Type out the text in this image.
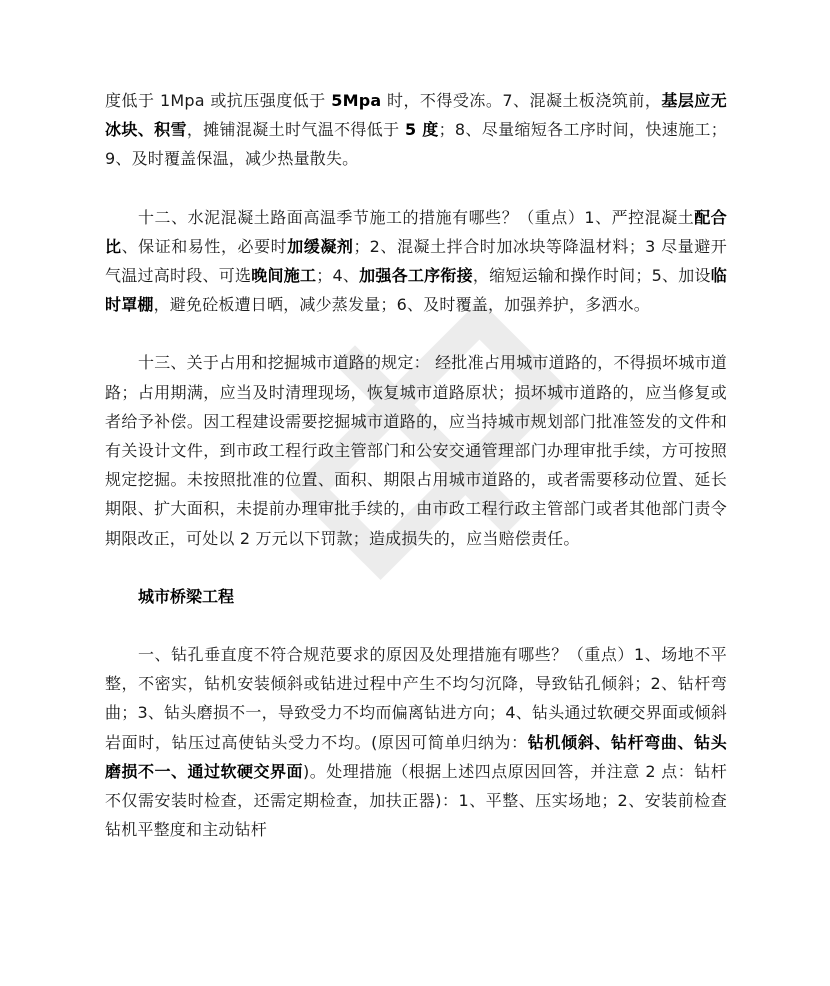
度低于 1Mpa 或抗压强度低于 5Mpa 时，不得受冻。7、混凝土板浇筑前，基层应无冰块、积雪，摊铺混凝土时气温不得低于 5 度；8、尽量缩短各工序时间，快速施工；9、及时覆盖保温，减少热量散失。

十二、水泥混凝土路面高温季节施工的措施有哪些？（重点）1、严控混凝土配合比、保证和易性，必要时加缓凝剂；2、混凝土拌合时加冰块等降温材料；3 尽量避开气温过高时段、可选晚间施工；4、加强各工序衔接，缩短运输和操作时间；5、加设临时罩棚，避免砼板遭日晒，减少蒸发量；6、及时覆盖，加强养护，多洒水。

十三、关于占用和挖掘城市道路的规定： 经批准占用城市道路的，不得损坏城市道路；占用期满，应当及时清理现场，恢复城市道路原状；损坏城市道路的，应当修复或者给予补偿。因工程建设需要挖掘城市道路的，应当持城市规划部门批准签发的文件和有关设计文件，到市政工程行政主管部门和公安交通管理部门办理审批手续，方可按照规定挖掘。未按照批准的位置、面积、期限占用城市道路的，或者需要移动位置、延长期限、扩大面积，未提前办理审批手续的，由市政工程行政主管部门或者其他部门责令期限改正，可处以 2 万元以下罚款；造成损失的，应当赔偿责任。

城市桥梁工程

一、钻孔垂直度不符合规范要求的原因及处理措施有哪些？（重点）1、场地不平整，不密实，钻机安装倾斜或钻进过程中产生不均匀沉降，导致钻孔倾斜；2、钻杆弯曲；3、钻头磨损不一，导致受力不均而偏离钻进方向；4、钻头通过软硬交界面或倾斜岩面时，钻压过高使钻头受力不均。(原因可简单归纳为：钻机倾斜、钻杆弯曲、钻头磨损不一、通过软硬交界面)。处理措施（根据上述四点原因回答，并注意 2 点：钻杆不仅需安装时检查，还需定期检查，加扶正器)：1、平整、压实场地；2、安装前检查钻机平整度和主动钻杆
